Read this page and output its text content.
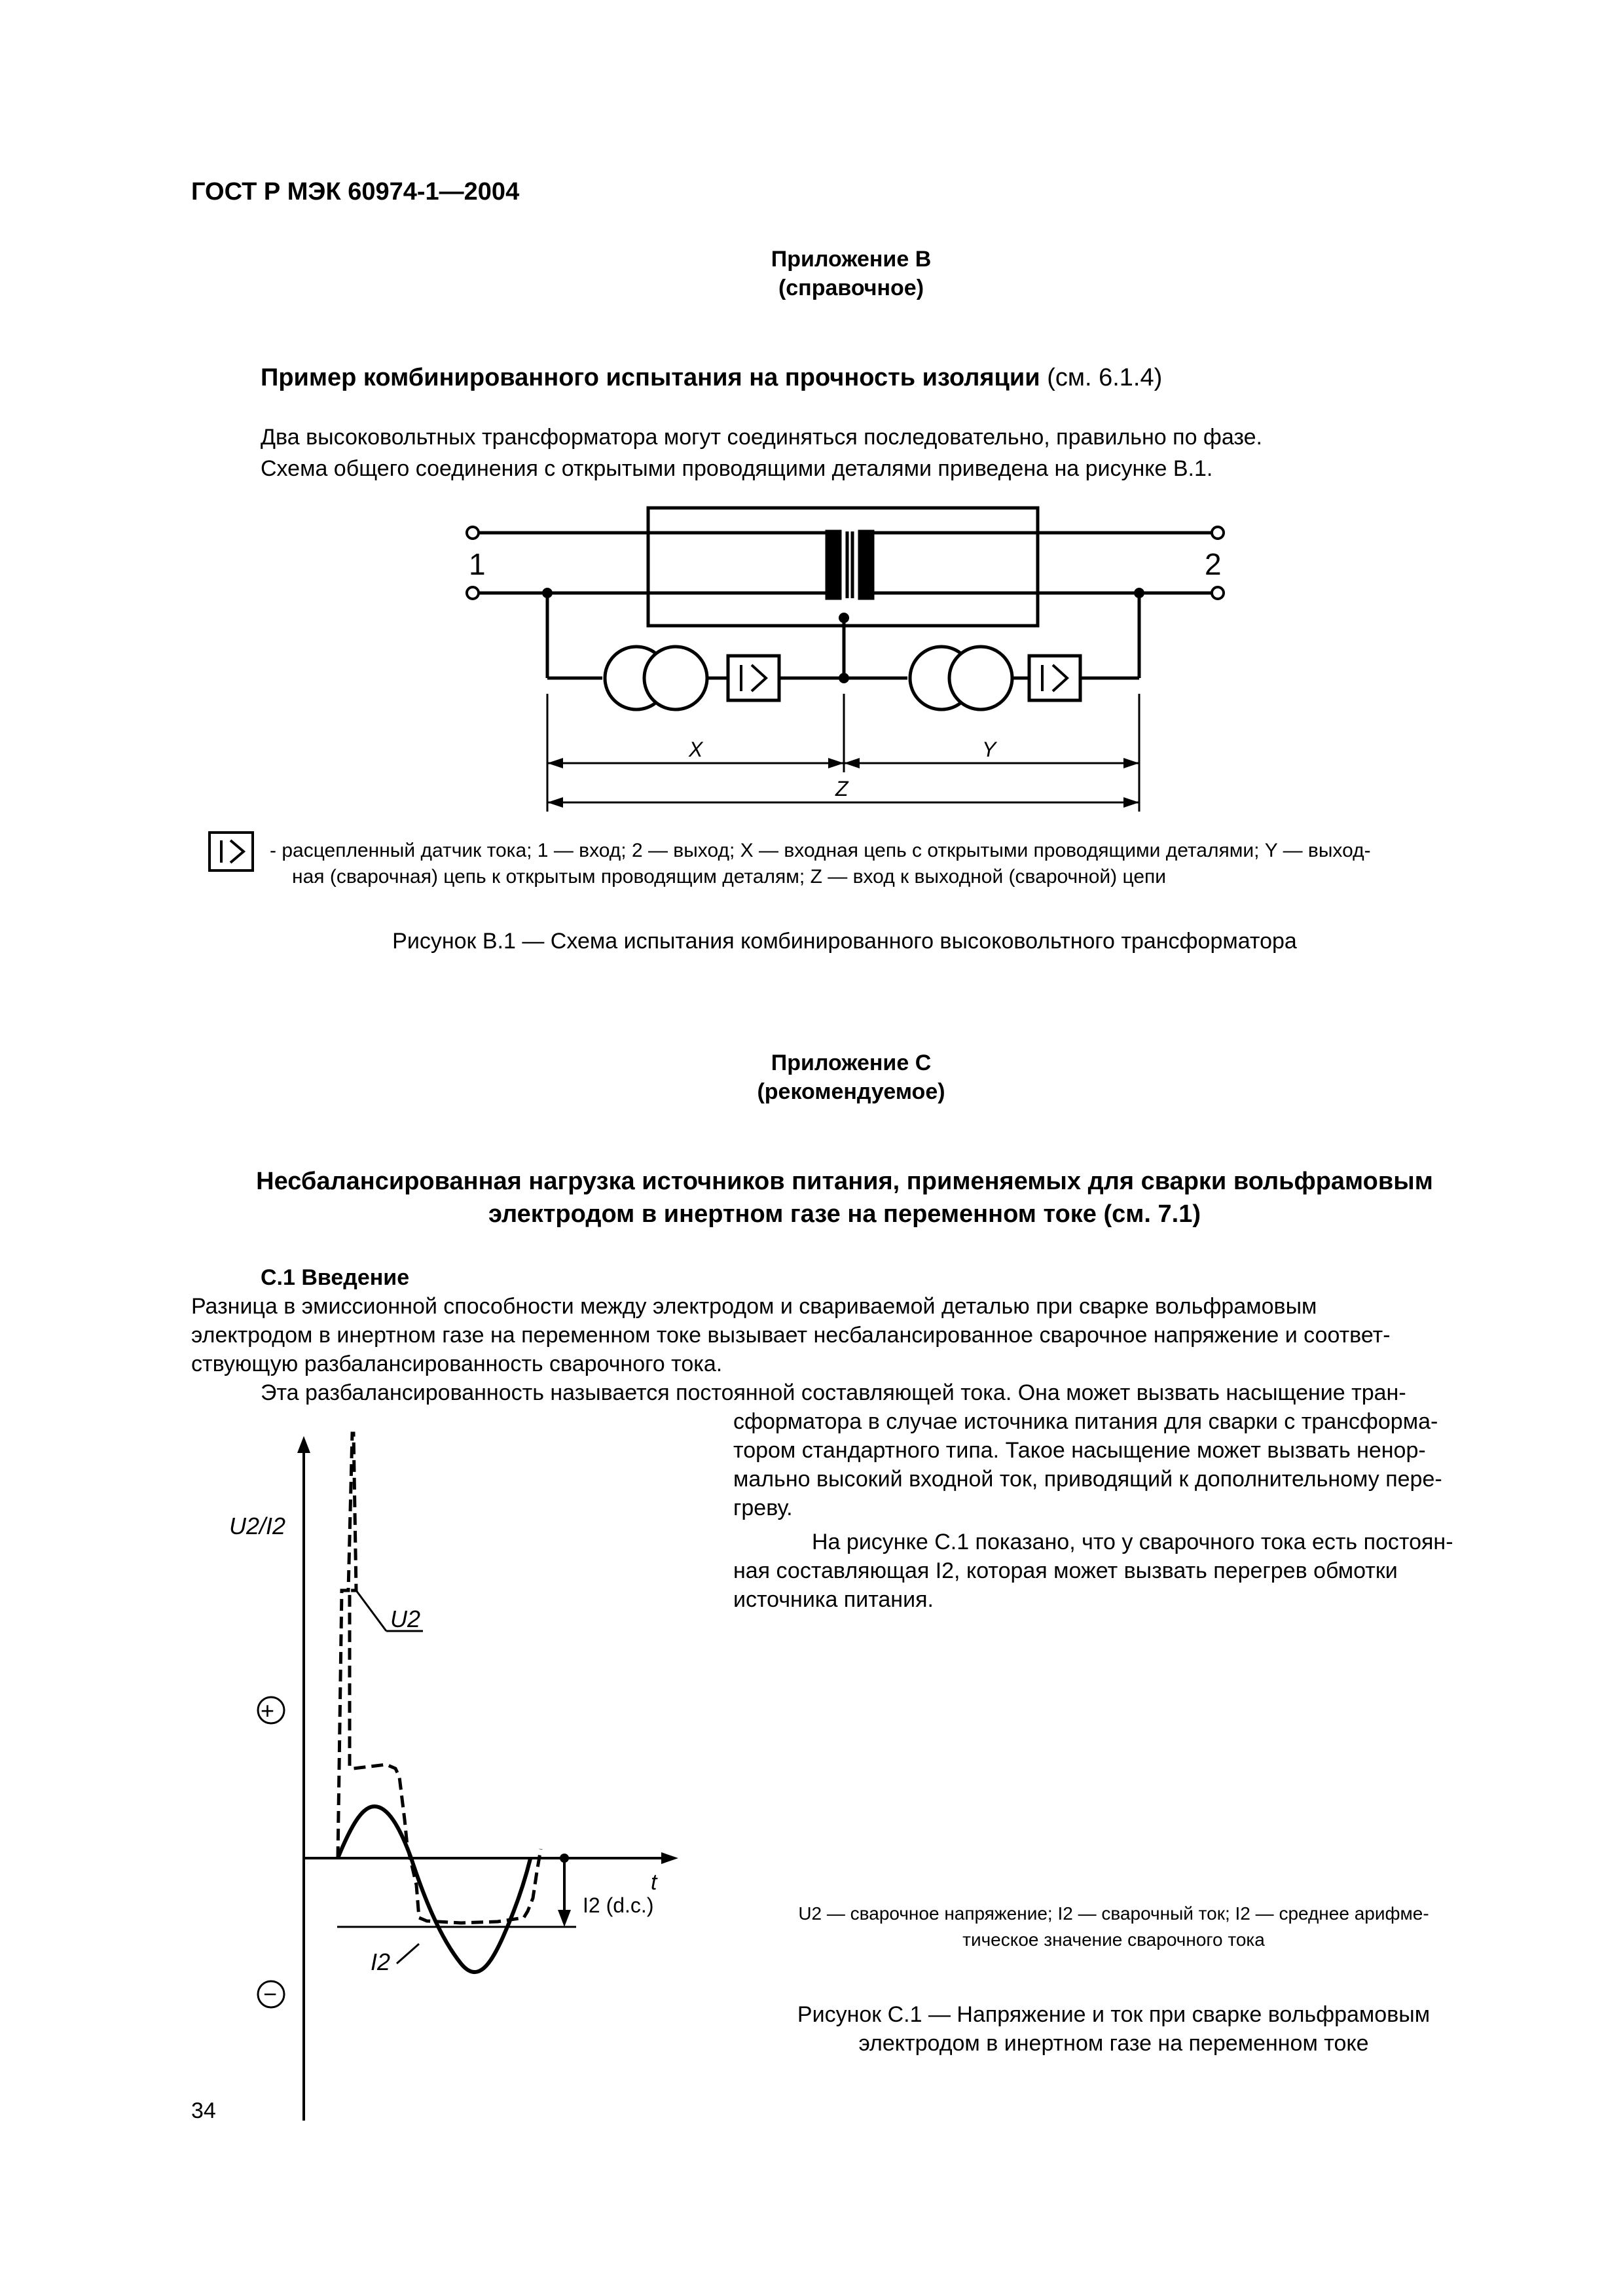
ГОСТ Р МЭК 60974-1—2004
Приложение В
(справочное)
Пример комбинированного испытания на прочность изоляции (см. 6.1.4)
Два высоковольтных трансформатора могут соединяться последовательно, правильно по фазе.
Схема общего соединения с открытыми проводящими деталями приведена на рисунке В.1.
1	2
X	Y
Z
- расцепленный датчик тока; 1 — вход; 2 — выход; X — входная цепь с открытыми проводящими деталями; Y — выход-
ная (сварочная) цепь к открытым проводящим деталям; Z — вход к выходной (сварочной) цепи
Рисунок В.1 — Схема испытания комбинированного высоковольтного трансформатора
Приложение С
(рекомендуемое)
Несбалансированная нагрузка источников питания, применяемых для сварки вольфрамовым
электродом в инертном газе на переменном токе (см. 7.1)
С.1 Введение
Разница в эмиссионной способности между электродом и свариваемой деталью при сварке вольфрамовым
электродом в инертном газе на переменном токе вызывает несбалансированное сварочное напряжение и соответ-
ствующую разбалансированность сварочного тока.
Эта разбалансированность называется постоянной составляющей тока. Она может вызвать насыщение тран-
сформатора в случае источника питания для сварки с трансформа-
тором стандартного типа. Такое насыщение может вызвать ненор-
мально высокий входной ток, приводящий к дополнительному пере-
греву.
На рисунке С.1 показано, что у сварочного тока есть постоян-
ная составляющая I2, которая может вызвать перегрев обмотки
источника питания.
+
−
U2/I2
U2
I2
t
I2 (d.c.)	U2 — сварочное напряжение; I2 — сварочный ток; I2 — среднее арифме-
тическое значение сварочного тока
Рисунок С.1 — Напряжение и ток при сварке вольфрамовым
электродом в инертном газе на переменном токе
34
